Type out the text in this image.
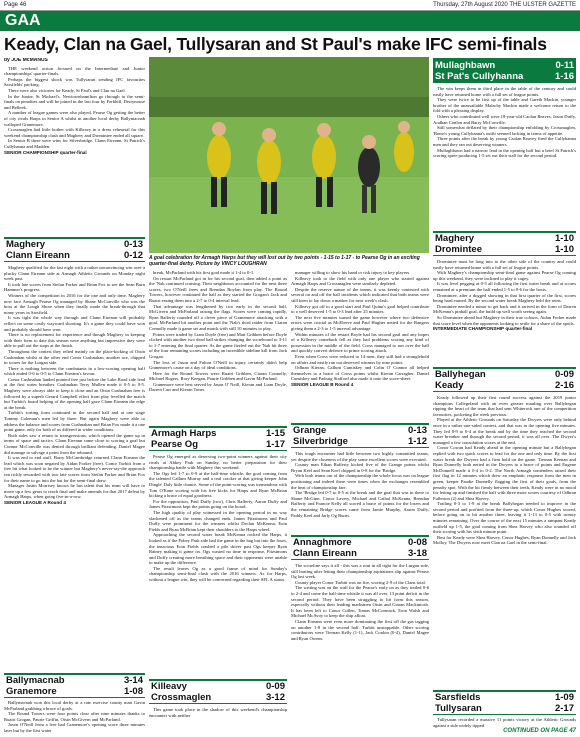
Page 46	Thursday, 27th August 2020 THE ULSTER GAZETTE
GAA
Keady, Clan na Gael, Tullysaran and St Paul's make IFC semi-finals
by JOE McMANUS

THE weekend action focused on the Intermediate and Junior championships' quarter-finals.

Perhaps the biggest shock was Tullysaran sending IFC favourites Sarsfields' packing.

There were also victories for Keady, St Paul's and Clan na Gael.

In the Junior, St Michael's, Newtownhamilton go through to the semi-finals on penalties and will be joined in the last four by Forkhill, Derrynoose and Belleek.

A number of league games were also played, Pearse Og getting the better of city rivals Harps in Senior A whilst in another local derby Ballymacnab walloped Granemore.

Crossmaglen had little bother with Killeavy in a dress rehearsal for this weekend championship clash and Maghery and Dromintee ended all square.

In Senior B there were wins for Silverbridge, Clann Eireann, St Patrick's Cullyhanna and Madden.

SENIOR CHAMPIONSHIP quarter-final

Maghery	0-13
Clann Eireann	0-12

Maghery qualified for the last eight with a rather unconvincing win over a plucky Clann Eireann side at Armagh Athletic Grounds on Monday night week past.

It took late scores from Stefan Forker and Brian Fox to see the Sean Burn Hammer's progress.

Winners of the competition in 2016 for the one and only time, Maghery now face Armagh Pearse Og managed by Shane McConville who was the boss at the Lough Shore when they finally made the break-through that many years in Sarsfield.

It was tight the whole way through and Clann Eireann will probably reflect on some costly wayward shooting. It's a game they could have won and probably should have won.

There is no replacement for experience and though Maghery in keeping with their form to date this season were anything but impressive they were able to pull out the stops at the finish.

Throughout the contest they relied mainly on the place-kicking of Oisin Cushnahan whilst at the other end Conor Cushnahan, another ace, chipped in scores for the Lurgan side.

There is nothing between the combatants in a low-scoring opening half which ended 0-6 to 0-5 to Clann Eireann's favour.

Conor Cushnahan landed pointed free just before the Lake Road side lead at the first water breather. Cushnahan Terry Mullen made it 0-5 to 0-5. Maghery were always able to keep it close and an Oisin Cushnahan free is followed by a superb Gerard Campbell effort from play levelled the match but Turbitt's board helping of the opening half gave Clann Eireann the edge at the break.

Turbitt's sorting form continued in the second half and at one stage Tommy Coleman's men led by three. But again Maghery were able to address the balance and scores from Cushnahan and Brian Fox made it a one point game, only for both of us differed in wider conditions.

Both sides saw a return to transgressions, which opened the game up in terms of space and tactics. Clann Eireann came close to scoring a goal but Connor McConville was denied through brilliant defending. Daniel Magee did manage to salvage a point from the rebound.

It was end to end stuff, Barry McCambridge returned Clann Eireann the lead which was soon negated by Aidan Forker (free). Conor Turbitt from a free hit what looked to be the winner but Maghery's never-say-die approach ran richly rewarded with two late scores from Stefan Forker and Brian Fox for their name to go into the hat for the semi-final draw.

Manager Justin Morrisey knows he has talent that his team will have to move up a few gears to reach final and make amends for that 2017 defeat by Armagh Harps, when going five-in-a-row.

SENIOR LEAGUE A Round 4

Ballymacnab	3-14
Granemore	1-08

Ballymacnab won this local derby at a rate exercise county man Gavin McParland grabbing a brace of goals.

The Round Towers were four points clear after nine minutes thanks to Ruairi Grogan, Paurie Griffin, Oisin McGivern and McParland.

Jason O'Neill from a free had Granemore's opening score three minutes later but by the first water

A goal celebration for Armagh Harps but they will lost out by two points - 1-15 to 1-17 - to Pearse Og in an exciting quarter-final derby. Picture by VINCY LOUGHRAN

break, McParland with his first goal made it 1-4 to 0-1.

On restart McParland got in for his second goal, then added a point as the 'Nab continued cruising. Their neighbours accounted for the next three scores, two O'Neill frees and Brendan Boylan from play. The Round Towers, however continued the half as they started the Grogan's Jack and Ruairi easing them into a 2-7 to 0-4 interval lead.

That advantage was lengthened by two early in the second half, McGivern and McParland raising the flags. Scores were coming rapidly, Ryan Rafferty rounded off a clever piece of Granemore attacking with a goal, McParland hit another point and the 'Nab's third raider from Ciaran Connolly made it game set and match with still 10 minutes to play.

Points were traded by Liam Doyle (free) and Matt Gribben before Doyle clicked with another two dead ball strikes changing the scoreboard to 3-11 to 1-7 entering the final quarter. As the game fizzled out the 'Nab hit three of the four remaining scores including an incredible sideline kill from Jack Grogan.

The loss of Jason and Fulton O'Neill in injury certainly didn't help Granemore's cause on a day of ideal conditions.

Here for the Round Towers were Ruairi Gribben, Ciaran Connolly, Michael Rogers, Rory Keegan, Paurie Gribben and Gavin McParland.

Granemore were best served by Jason O' Neill, Kieran and Liam Doyle, Darren Carr and Kieran Toner.

Armagh Harps	1-15
Pearse Og	1-17

Pearse Og emerged as deserving two-point winners against their city rivals at Abbey Park on Sunday, no better preparation for their championship battle with Maghery this weekend.

The Ogs led 1-7 to 0-9 at the half-time whistle, the goal coming from the talented Callum Murray and a real cracker at that giving keeper John Dingle' Daly little chance. Some of the point-scoring was tremendous with Tom O'Kane scoring with his free kicks for Harps and Ryan McBrian kicking a brace of equal goodness.

For the opposition, Paul Duffy (two), Chris Rafferty, Aaron Duffy and James Fitzsimons kept the points going on the board.

The high quality of play witnessed in the opening period in no way slackened off as the teams changed ends. James Fitzsimons and Paul Duffy were prominent for the winners whilst Declan McKenna, Eoin Fields and Ryan McBrian kept their shoulders to the Harps wheel.

Approaching the second water break McKenna rocked the Harps, it looked as if the Pobey Park side had the game in the bag but into the fours, the tenacious Eoin Fields crashed a pile driver past Ogs keeper Ryan Rainey making it game on. Ogs wasted no time in response, Fitzsimons and Duffy creating more breathing space and their opponents were unable to make up the difference.

The result leaves Og as a good frame of mind for Sunday's championship semi-final clash with the 2016 winners. As for Harps, without a league win, they will be concerned regarding their SFL A status.

Killeavy	0-09
Crossmaglen	3-12

This game took place in the shadow of this weekend's championship encounter with neither

manager willing to show his hand or risk injury to key players.

Killeavy took to the field with only one player who started against Armagh Harps and Crossmaglen were similarly depleted.

Despite the reserve nature of the teams, it was keenly contested with several on and off the ball incidents which indicated that both teams were still keen to lay down a marker for next week's clash.

Killeavy got off to a good start and Paul Quinn's goal helped contribute to a well deserved 1-5 to 0-3 lead after 25 minutes.

The next five minutes turned the game however where two defensive errors were crucial as McEleeve and Paul Hughes netted for the Rangers giving them a 2-3 to 1-5 interval advantage.

Within minutes of the restart Boyle had his second goal and any hopes of a Killeavy comeback fell as they had problems scoring any kind of possession in the middle of the field. Cross managed to run over the hall and quickly convert defence to prime scoring attack.

Even when Cross were reduced to 14 men, they still had a stranglehold on affairs and easily ran out deserved winners by nine points.

Odhran Kieran, Callum Cumiskey and Colin O' Connor all helped themselves to a brace of Cross points whilst Kieran Carragher, Daniel Cumiskey and Padraig Stafford also made it onto the score-sheet.

SENIOR LEAGUE B Round 4

Grange	0-13
Silverbridge	1-12

This tough encounter had little between two highly committed teams, yet despite the closeness of the play some excellent scores were executed.

County man Ethan Rafferty kicked five of the Grange points whilst Bryan Keel and Sean Keel chipped in 0-8 for the 'Bridge.

With both teams out of the championship the whole focus was on league positioning and indeed there were times when the exchanges resembled the heat of championship fare.

The 'Bridge led 0-7 to 0-5 at the break and the goal that was in there to Shane McGinn. Conor Lavery, Michael and Cathal McKenna, Brendan Rafferty and Francie Kelly all scored a brace of points for the losers and the remaining Bridge scores came from Jamie Murphy, Aaron Duffy, Paddy Keel and Jarly Og Burns.

Annaghmore	0-08
Clann Eireann	3-18

The scoreline says it all - this was a rout in all right for the Lurgan side, still hurting after letting their championship aspirations slip against Pearse Og last week.

County player Conor Turbitt was on fire, scoring 2-9 of the Clans total.

The writing was on the wall for the Pearse's early on as they trailed 0-6 to 2-4 and come the half-time whistle it was all over, 13 point deficit in the second period. They have been struggling to hit form this season, especially without their leading marksmen Oisin and Ciaran Mackintosh. It has been left to Conor Cullen, Tomas McCormack, Eoin Walsh and Michael McAvoy to keep the ship afloat.

Clann Eireann were even more dominating the first off the gas tagging on another 1-8 in the second half. Turbitt unstoppable. Other scoring contributors were Tiernan Kelly (1-1), Jack Conlon (0-4), Daniel Magee and Ryan Owens.

Mullaghbawn	0-11
St Pat's Cullyhanna	1-16

The win keeps them in third place in the table of the century and could easily have returned home with a full set of league points.

They were twice to be first up of the table and Gareth Mackin, younger brother of the unassailable Malachy Mackin made a welcome return to the fold with a pleasing display.

Others who contributed well were 18-year-old Caolan Reaves, Jason Duffy, Aodhan Conlon and Barry McConville.

Still somewhat deflated by their championship enfolding by Crossmaglen, 'Bawn's young Cullyhanna's outfit seemed lacking in terms of appetite.

Three points after the break by young Caolan Reavey fired the Cullyhanna men and they ran out deserving winners.

Mullaghbawn had a narrow lead in the opening half but a brief St Patrick's scoring spree producing 1-5 set out their stall for the second period.

Maghery	1-10
Dromintee	1-10

Dromintee must be long into to the other side of the country and could easily have returned home with a full set of league points.

With Maghery's championship semi-final game against Pearse Og coming up this weekend, they were inclined to play it cagey.

It was level pegging at 0-5 all following the first water break and at scores remained at a premium the half ended 1-5 to 0-6 for the hosts.

Dromintee, after a dogged showing in that first quarter of the first, scores being hard earned. By the second water break Maghery held the reins.

Dromintee needed a minor to get back and it arrived in the form of Darren McKenna's pinball goal, the build up well worth seeing again.

So Dromintee ahead but Maghery in their true colours, Aidan Forker made that score level when the opponents looking to settle for a share of the spoils.

INTERMEDIATE CHAMPIONSHIP quarter-final

Ballyhegan	0-09
Keady	2-16

Keady followed up their first round success against the 2019 junior champions Collegeland with an even greater mauling over Ballyhegan ripping the heart of the team that had sent Whiterock one of the competition favourites, pocketing the week previous.

Played at the Athletic Grounds on Saturday the Dwyers were only behind once in a rather one-sided contest, and that was in the opening five minutes. They led 0-9 to 0-4 at the break and by the time they reached the second water breather and through the second period, it was all over. The Dwyer's managed a few consolation scores at the end.

Conor Cowan had Keady ahead in the opening minute but a Ballyhegan replied with two quick scores to lead for the one and only time. By the first water break the Dwyers had a firm hold on the game. Tiernan Keenan and Ryan Donnelly both netted in the Dwyers to a brace of points and Eugene McDonnell made it 0-4 to 0-2. The North Armagh contenders raised their first flag in 12 minutes which drew an emphatic response from the men in green, keeper Paudie Donnelly flagging the first of their goals, from the penalty spot. With the hit firmly between their teeth, Keady were in no mood for letting up and finished the half with three more scores courtesy of Odhran Fullerton (2) and Shea Harvey.

Trailing 0-3 to 1-9 at the break Ballyhegan needed to improve in the second period and profited from the three-up, which Conor Hughes scored, before going on to hit another three, leaving it 1-13 to 0-5 with twenty minutes remaining. Over the course of the next 15 minutes a rampant Keady outfield up 1-5, the goal coming from Shea Harvey who also rounded off their scoring with his sixth minute point.

Best for Keady were Shea Harvey, Conor Hughes, Ryan Donnelly and Jack Molloy. The Dwyers now meet Clan na Gael in the semi-final.

Sarsfields	1-09
Tullysaran	2-17

Tullysaran recorded a massive 11 points victory at the Athletic Grounds against a side widely tipped

CONTINUED ON PAGE 47
